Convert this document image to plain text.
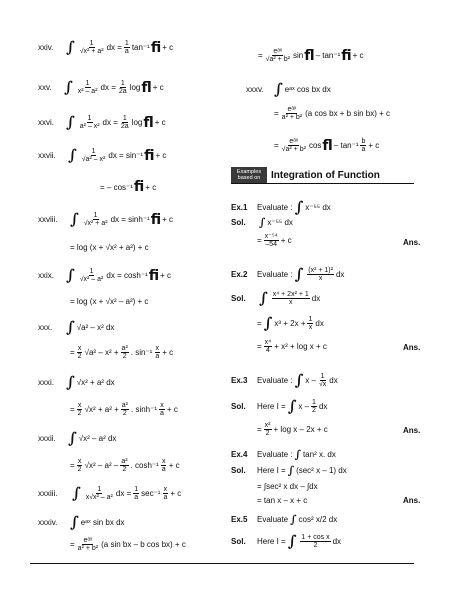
xxiv. ∫ $\frac{1}{\text{√x² + a²}}$ dx = $\frac{1}{a} \tan^{-1}$ ﬁ + c
xxv. ∫ $\frac{1}{\text{x² – a²}}$ dx = $\frac{1}{2a}$ log ﬂ + c
xxvi. ∫ $\frac{1}{\text{a² – x²}}$ dx = $\frac{1}{2a}$ log ﬂ + c
xxvii. ∫ $\frac{1}{\text{√a² – x²}}$ dx = sin⁻¹ ﬁ + c
= – cos⁻¹ ﬁ + c
xxviii. ∫ $\frac{1}{\text{√x² + a²}}$ dx = sinh⁻¹ ﬁ + c
= log (x + √x² + a²) + c
xxix. ∫ $\frac{1}{\text{√x² – a²}}$ dx = cosh⁻¹ ﬁ + c
= log (x + √x² – a²) + c
xxx. ∫ √a² – x² dx
= $\frac{x}{2} √a^2 - x^2 + \frac{\text{a²}}{2}$ . $\sin^{-1} \frac{x}{a} + c$
xxxi. ∫ √x² + a² dx
= $\frac{x}{2} √x^2 + a^2 + \frac{\text{a²}}{2}$ . $\sinh^{-1} \frac{x}{a} + c$
xxxii. ∫ √x² – a² dx
= $\frac{x}{2} √x^2 - a^2 - \frac{\text{a²}}{2}$ . $\cosh^{-1} \frac{x}{a} + c$
xxxiii. ∫ $\frac{1}{\text{x√x² – a²}}$ dx = $\frac{1}{a} \sec^{-1} \frac{x}{a} + c$
xxxiv. ∫ eᵃˣ sin bx dx
= $\frac{\text{eᵃˣ}}{\text{a² + b²}} (a$ sin bx – b cos bx) + c
= $\frac{\text{eᵃˣ}}{\text{√a² + b²}}$ sin ﬂ – tan⁻¹ ﬁ + c
xxxv. ∫ eᵃˣ cos bx dx
= $\frac{\text{eᵃˣ}}{\text{a² + b²}} (a$ cos bx + b sin bx) + c
= $\frac{\text{eᵃˣ}}{\text{√a² + b²}}$ cos ﬂ – $\tan^{-1} \frac{b}{a} + c$
Examples based on	Integration of Function
Ex.1	Evaluate : ∫ x⁻⁵⁵ dx
Sol.	∫ x⁻⁵⁵ dx
= $\frac{\text{x⁻⁵⁴}}{-54} + c$	Ans.
Ex.2	Evaluate : ∫ $\frac{\text{(x² + 1)²}}{x}$ dx
Sol. ∫ $\frac{\text{x⁴ + 2x² + 1}}{x}$ dx
= ∫ $x^3 + 2x + \frac{1}{x}$ dx
= $\frac{\text{x⁴}}{4} + x^2 + \log x + c$	Ans.
Ex.3	Evaluate : ∫ x – $\frac{1}{√x}$ dx
Sol.	Here I = ∫ x – $\frac{1}{2}$ dx
= $\frac{\text{x²}}{2} + \log x - 2x + c$	Ans.
Ex.4	Evaluate : ∫ tan² x. dx
Sol.	Here I = ∫ (sec² x – 1) dx
= ∫sec² x dx – ∫dx
= tan x – x + c	Ans.
Ex.5	Evaluate ∫ cos² x/2 dx
Sol.	Here I = ∫ $\frac{\text{1 + cos x}}{2}$ dx
